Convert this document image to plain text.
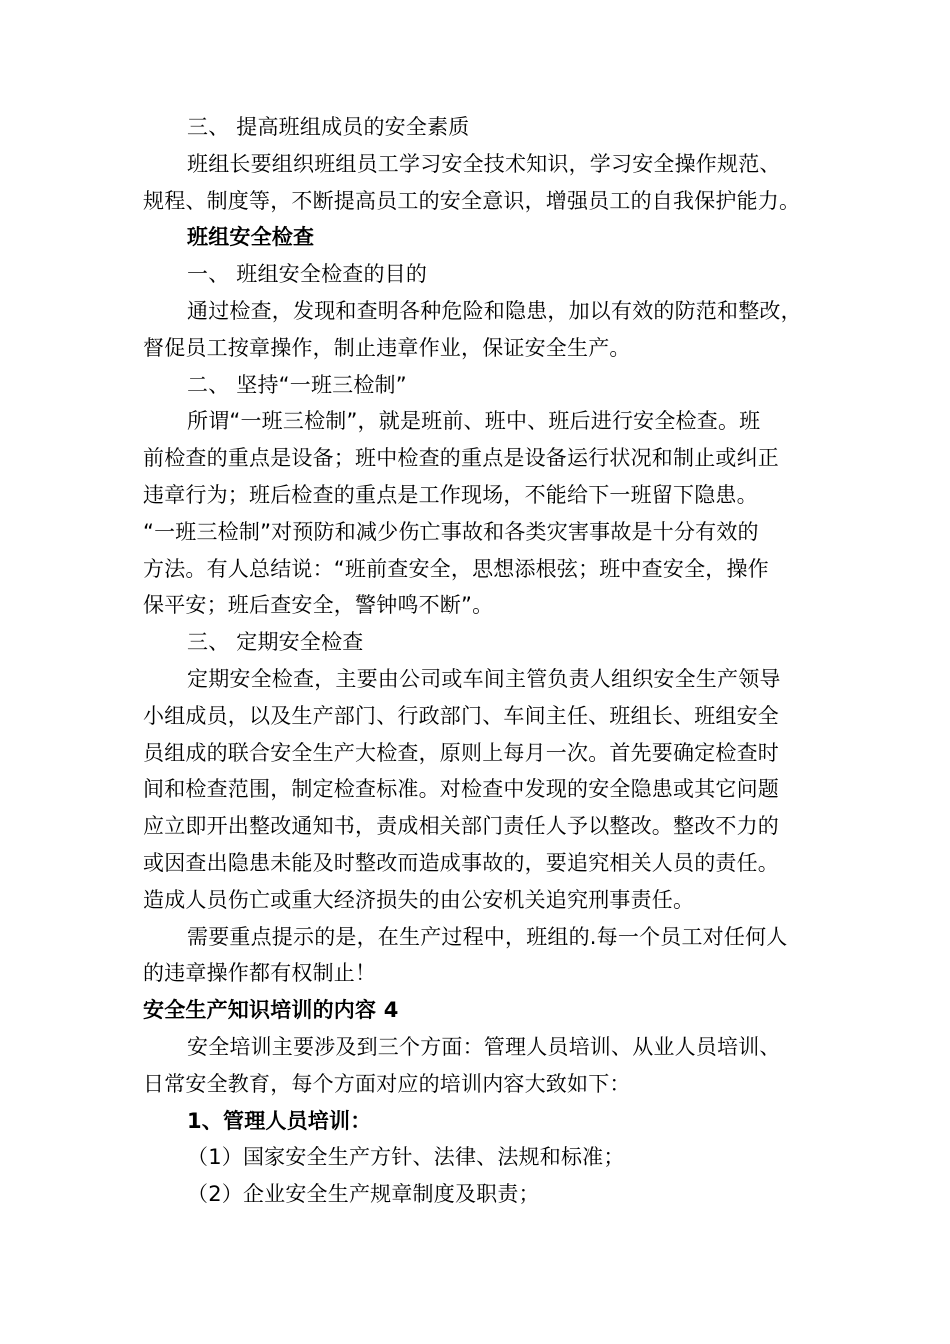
三、 提高班组成员的安全素质

班组长要组织班组员工学习安全技术知识，学习安全操作规范、

规程、制度等，不断提高员工的安全意识，增强员工的自我保护能力。

班组安全检查

一、 班组安全检查的目的

通过检查，发现和查明各种危险和隐患，加以有效的防范和整改，

督促员工按章操作，制止违章作业，保证安全生产。

二、 坚持“一班三检制”

所谓“一班三检制”，就是班前、班中、班后进行安全检查。班

前检查的重点是设备；班中检查的重点是设备运行状况和制止或纠正

违章行为；班后检查的重点是工作现场，不能给下一班留下隐患。

“一班三检制”对预防和减少伤亡事故和各类灾害事故是十分有效的

方法。有人总结说：“班前查安全，思想添根弦；班中查安全，操作

保平安；班后查安全，警钟鸣不断”。

三、 定期安全检查

定期安全检查，主要由公司或车间主管负责人组织安全生产领导

小组成员，以及生产部门、行政部门、车间主任、班组长、班组安全

员组成的联合安全生产大检查，原则上每月一次。首先要确定检查时

间和检查范围，制定检查标准。对检查中发现的安全隐患或其它问题

应立即开出整改通知书，责成相关部门责任人予以整改。整改不力的

或因查出隐患未能及时整改而造成事故的，要追究相关人员的责任。

造成人员伤亡或重大经济损失的由公安机关追究刑事责任。

需要重点提示的是，在生产过程中，班组的.每一个员工对任何人

的违章操作都有权制止！

安全生产知识培训的内容 4

安全培训主要涉及到三个方面：管理人员培训、从业人员培训、

日常安全教育，每个方面对应的培训内容大致如下：

1、管理人员培训：

（1）国家安全生产方针、法律、法规和标准；

（2）企业安全生产规章制度及职责；
